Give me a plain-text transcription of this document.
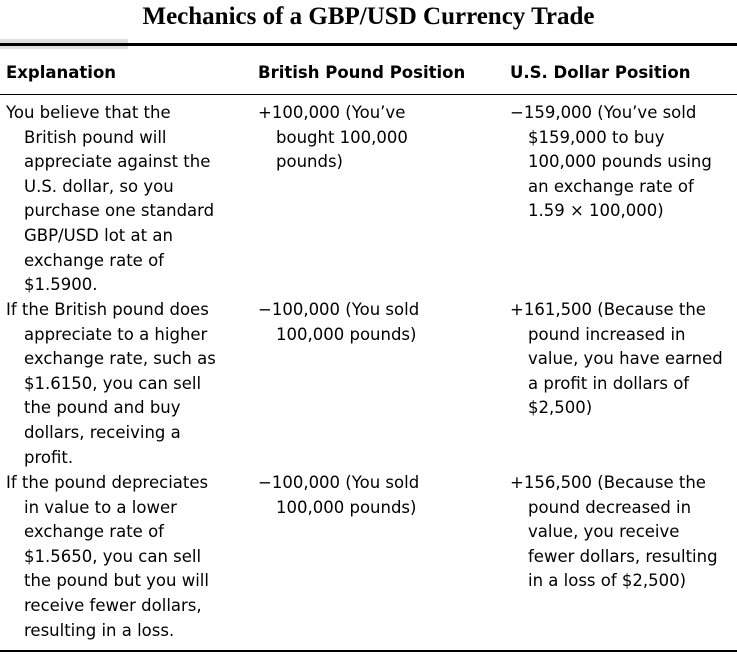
Mechanics of a GBP/USD Currency Trade
Explanation	British Pound Position	U.S. Dollar Position
You believe that the
British pound will
appreciate against the
U.S. dollar, so you
purchase one standard
GBP/USD lot at an
exchange rate of
$1.5900.
+100,000 (You’ve
bought 100,000
pounds)
−159,000 (You’ve sold
$159,000 to buy
100,000 pounds using
an exchange rate of
1.59 × 100,000)
If the British pound does
appreciate to a higher
exchange rate, such as
$1.6150, you can sell
the pound and buy
dollars, receiving a
profit.
−100,000 (You sold
100,000 pounds)
+161,500 (Because the
pound increased in
value, you have earned
a profit in dollars of
$2,500)
If the pound depreciates
in value to a lower
exchange rate of
$1.5650, you can sell
the pound but you will
receive fewer dollars,
resulting in a loss.
−100,000 (You sold
100,000 pounds)
+156,500 (Because the
pound decreased in
value, you receive
fewer dollars, resulting
in a loss of $2,500)
